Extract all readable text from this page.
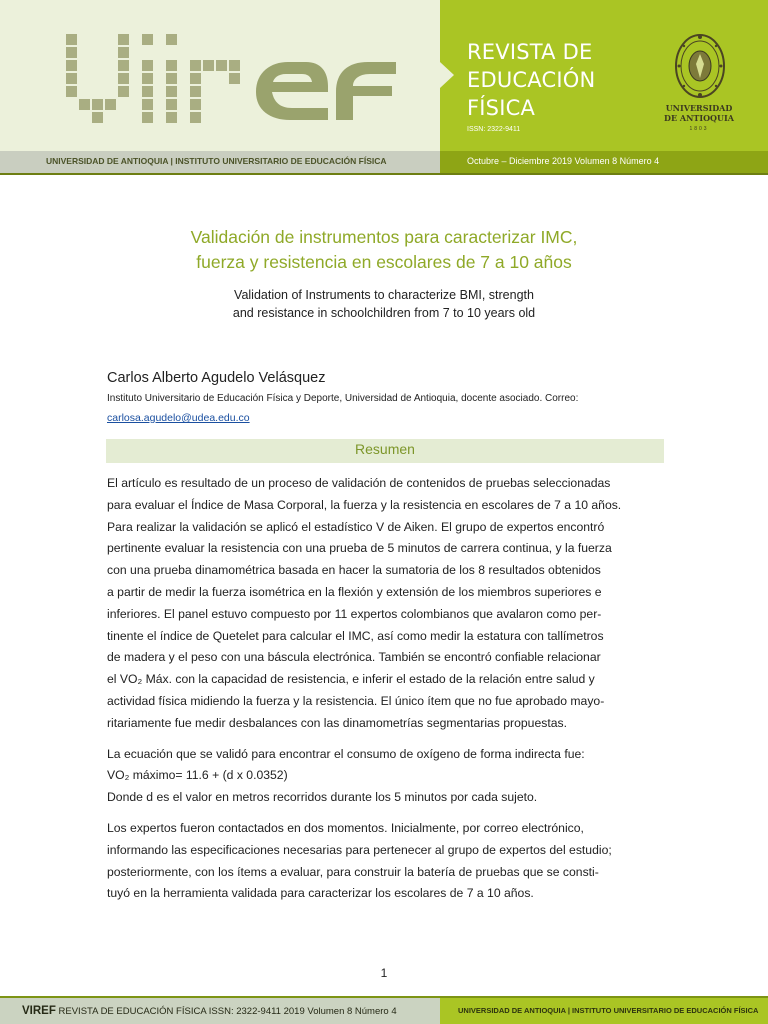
REVISTA DE
EDUCACIÓN
FÍSICA
ISSN: 2322-9411
UNIVERSIDAD
DE ANTIOQUIA
1803
UNIVERSIDAD DE ANTIOQUIA | INSTITUTO UNIVERSITARIO DE EDUCACIÓN FÍSICA	Octubre – Diciembre 2019 Volumen 8 Número 4
Validación de instrumentos para caracterizar IMC,
fuerza y resistencia en escolares de 7 a 10 años
Validation of Instruments to characterize BMI, strength
and resistance in schoolchildren from 7 to 10 years old
Carlos Alberto Agudelo Velásquez
Instituto Universitario de Educación Física y Deporte, Universidad de Antioquia, docente asociado. Correo:
carlosa.agudelo@udea.edu.co
Resumen

El artículo es resultado de un proceso de validación de contenidos de pruebas seleccionadas
para evaluar el Índice de Masa Corporal, la fuerza y la resistencia en escolares de 7 a 10 años.
Para realizar la validación se aplicó el estadístico V de Aiken. El grupo de expertos encontró
pertinente evaluar la resistencia con una prueba de 5 minutos de carrera continua, y la fuerza
con una prueba dinamométrica basada en hacer la sumatoria de los 8 resultados obtenidos
a partir de medir la fuerza isométrica en la flexión y extensión de los miembros superiores e
inferiores. El panel estuvo compuesto por 11 expertos colombianos que avalaron como per-
tinente el índice de Quetelet para calcular el IMC, así como medir la estatura con tallímetros
de madera y el peso con una báscula electrónica. También se encontró confiable relacionar
el VO₂ Máx. con la capacidad de resistencia, e inferir el estado de la relación entre salud y
actividad física midiendo la fuerza y la resistencia. El único ítem que no fue aprobado mayo-
ritariamente fue medir desbalances con las dinamometrías segmentarias propuestas.

La ecuación que se validó para encontrar el consumo de oxígeno de forma indirecta fue:
VO₂ máximo= 11.6 + (d x 0.0352)
Donde d es el valor en metros recorridos durante los 5 minutos por cada sujeto.

Los expertos fueron contactados en dos momentos. Inicialmente, por correo electrónico,
informando las especificaciones necesarias para pertenecer al grupo de expertos del estudio;
posteriormente, con los ítems a evaluar, para construir la batería de pruebas que se consti-
tuyó en la herramienta validada para caracterizar los escolares de 7 a 10 años.

1
VIREF REVISTA DE EDUCACIÓN FÍSICA ISSN: 2322-9411 2019 Volumen 8 Número 4	UNIVERSIDAD DE ANTIOQUIA | INSTITUTO UNIVERSITARIO DE EDUCACIÓN FÍSICA
